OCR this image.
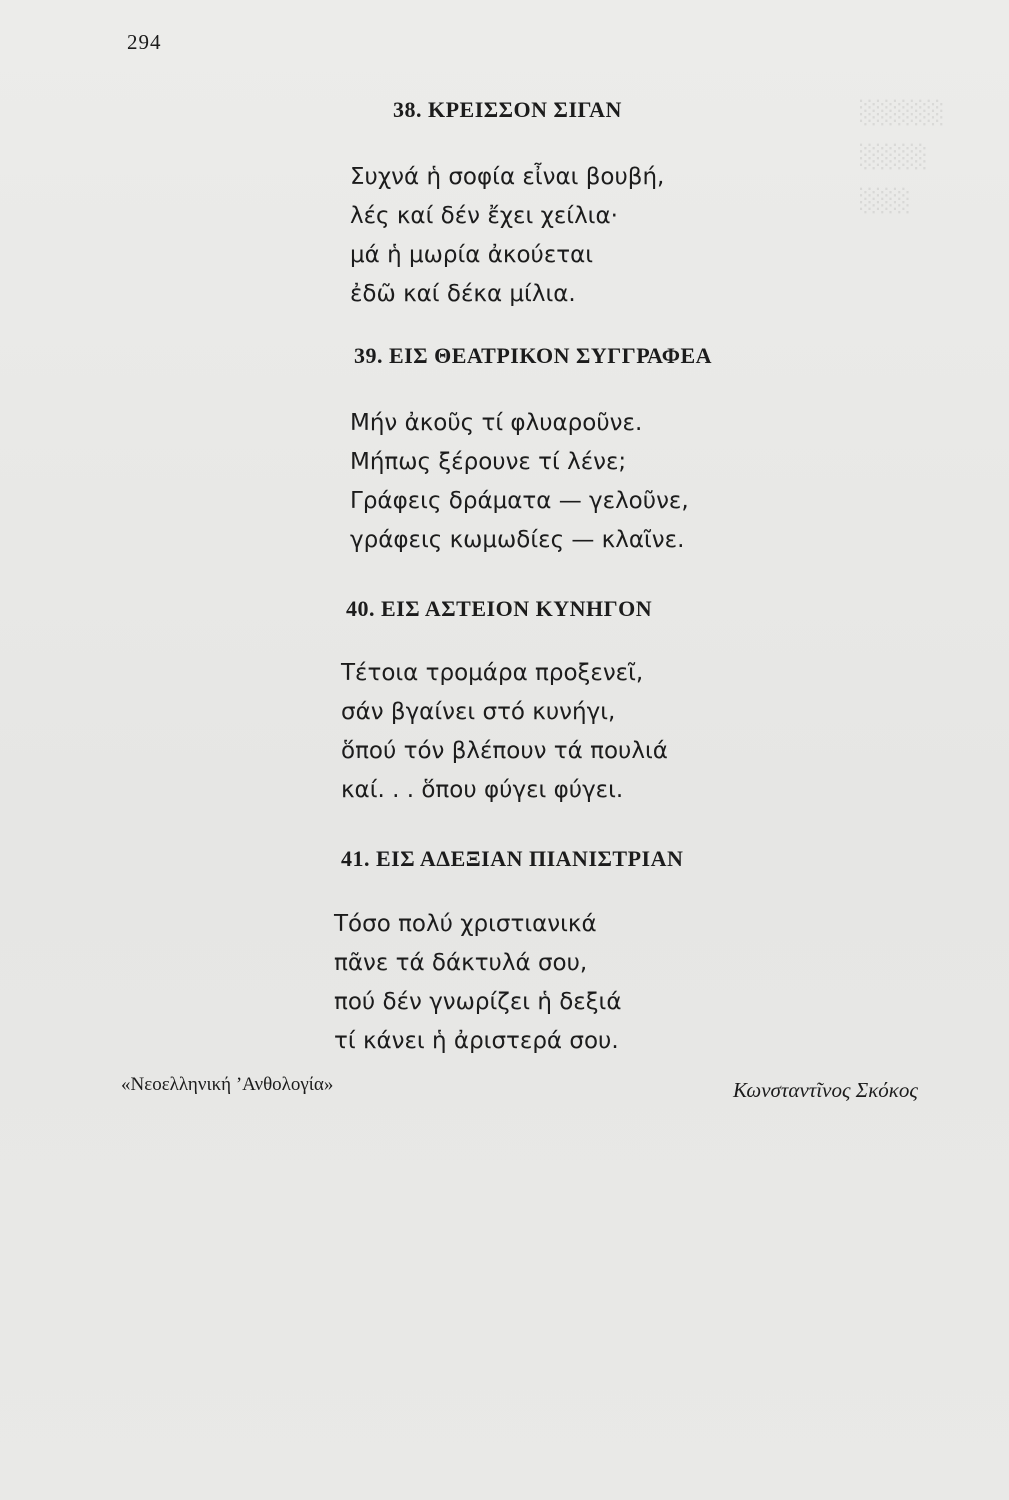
░░░░░
░░░░
░░░
294
38. ΚΡΕΙΣΣΟΝ ΣΙΓΑΝ
Συχνά ἡ σοφία εἶναι βουβή,
λές καί δέν ἔχει χείλια·
μά ἡ μωρία ἀκούεται
ἐδῶ καί δέκα μίλια.
39. ΕΙΣ ΘΕΑΤΡΙΚΟΝ ΣΥΓΓΡΑΦΕΑ
Μήν ἀκοῦς τί φλυαροῦνε.
Μήπως ξέρουνε τί λένε;
Γράφεις δράματα — γελοῦνε,
γράφεις κωμωδίες — κλαῖνε.
40. ΕΙΣ ΑΣΤΕΙΟΝ ΚΥΝΗΓΟΝ
Τέτοια τρομάρα προξενεῖ,
σάν βγαίνει στό κυνήγι,
ὅπού τόν βλέπουν τά πουλιά
καί. . . ὅπου φύγει φύγει.
41. ΕΙΣ ΑΔΕΞΙΑΝ ΠΙΑΝΙΣΤΡΙΑΝ
Τόσο πολύ χριστιανικά
πᾶνε τά δάκτυλά σου,
πού δέν γνωρίζει ἡ δεξιά
τί κάνει ἡ ἀριστερά σου.
«Νεοελληνική ’Ανθολογία»	Κωνσταντῖνος Σκόκος
